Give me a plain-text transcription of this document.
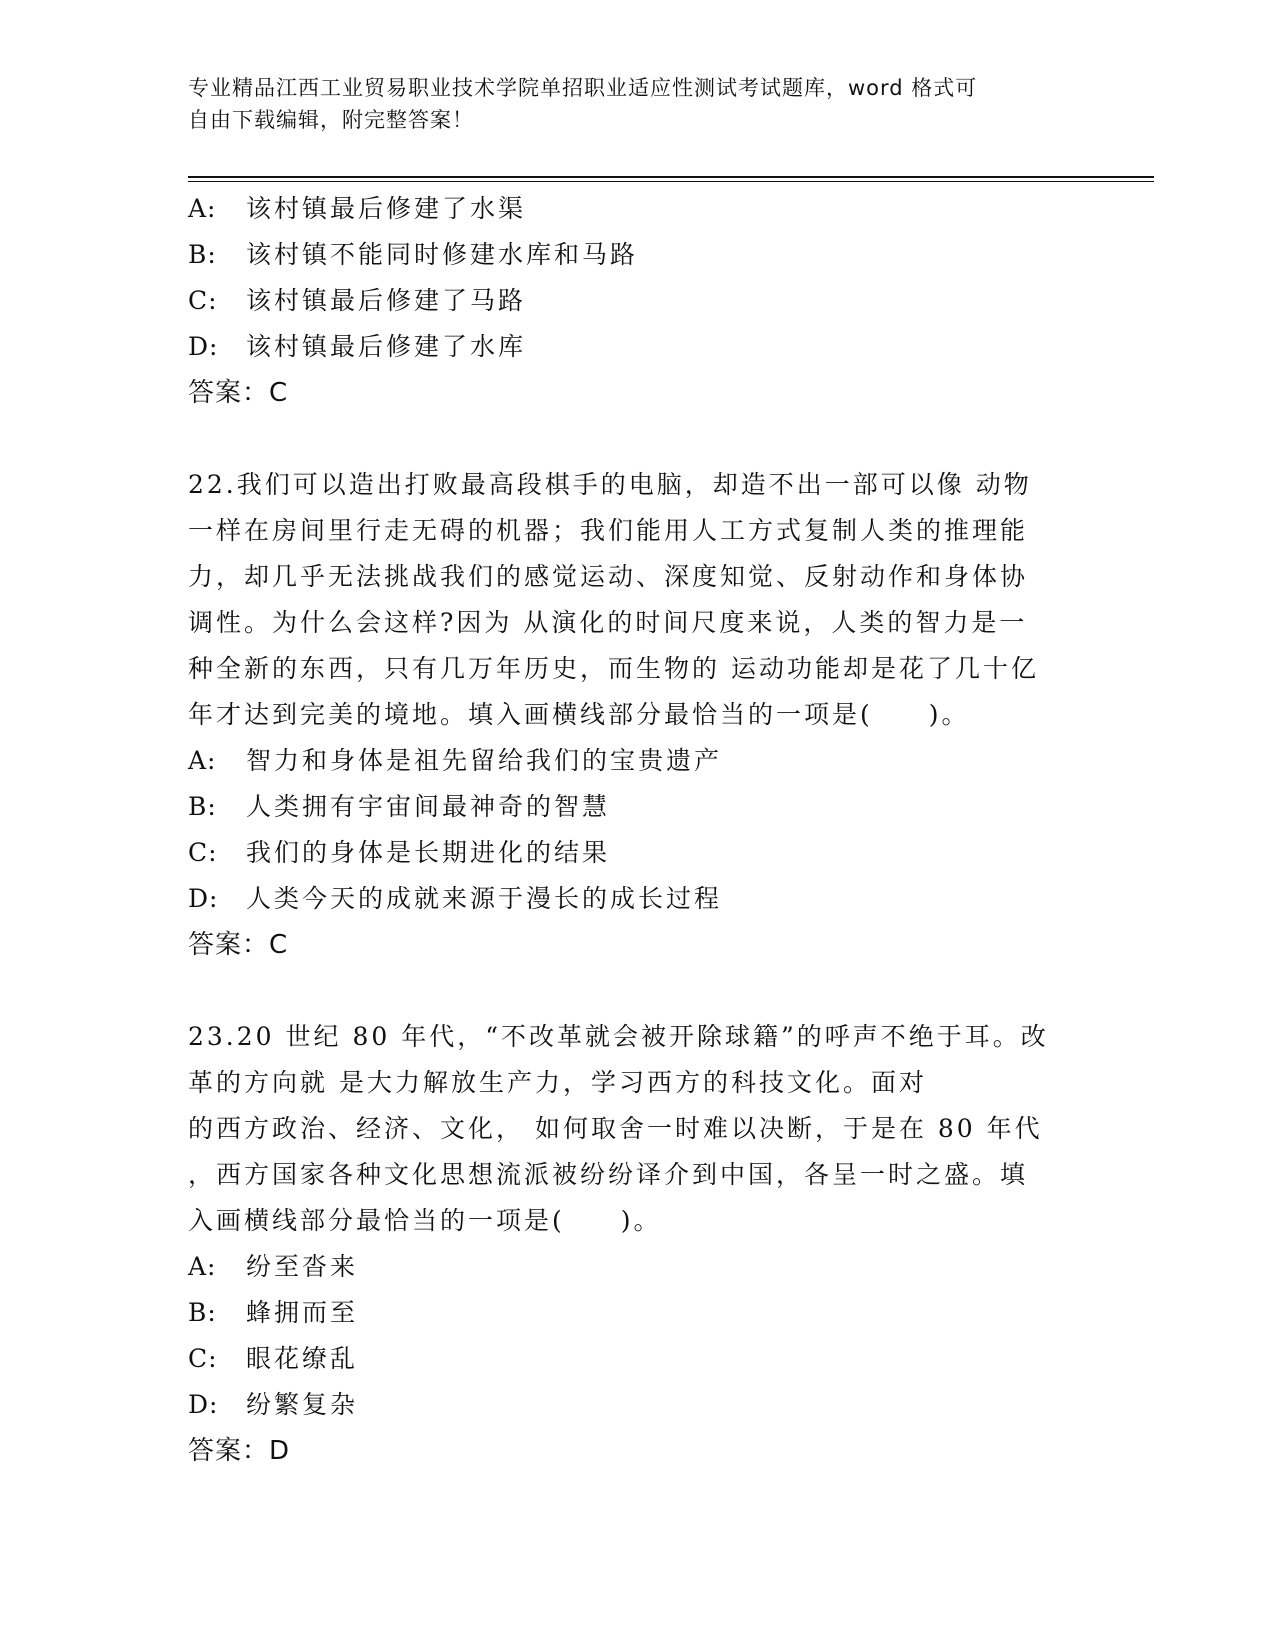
专业精品江西工业贸易职业技术学院单招职业适应性测试考试题库，word 格式可
自由下载编辑，附完整答案！
A:	该村镇最后修建了水渠
B:	该村镇不能同时修建水库和马路
C:	该村镇最后修建了马路
D:	该村镇最后修建了水库
答案：C
22.我们可以造出打败最高段棋手的电脑，却造不出一部可以像 动物
一样在房间里行走无碍的机器；我们能用人工方式复制人类的推理能
力，却几乎无法挑战我们的感觉运动、深度知觉、反射动作和身体协
调性。为什么会这样?因为 从演化的时间尺度来说，人类的智力是一
种全新的东西，只有几万年历史，而生物的 运动功能却是花了几十亿
年才达到完美的境地。填入画横线部分最恰当的一项是(　　)。
A:	智力和身体是祖先留给我们的宝贵遗产
B:	人类拥有宇宙间最神奇的智慧
C:	我们的身体是长期进化的结果
D:	人类今天的成就来源于漫长的成长过程
答案：C
23.20 世纪 80 年代，“不改革就会被开除球籍”的呼声不绝于耳。改
革的方向就 是大力解放生产力，学习西方的科技文化。面对
的西方政治、经济、文化， 如何取舍一时难以决断，于是在 80 年代
，西方国家各种文化思想流派被纷纷译介到中国，各呈一时之盛。填
入画横线部分最恰当的一项是(　　)。
A:	纷至沓来
B:	蜂拥而至
C:	眼花缭乱
D:	纷繁复杂
答案：D
